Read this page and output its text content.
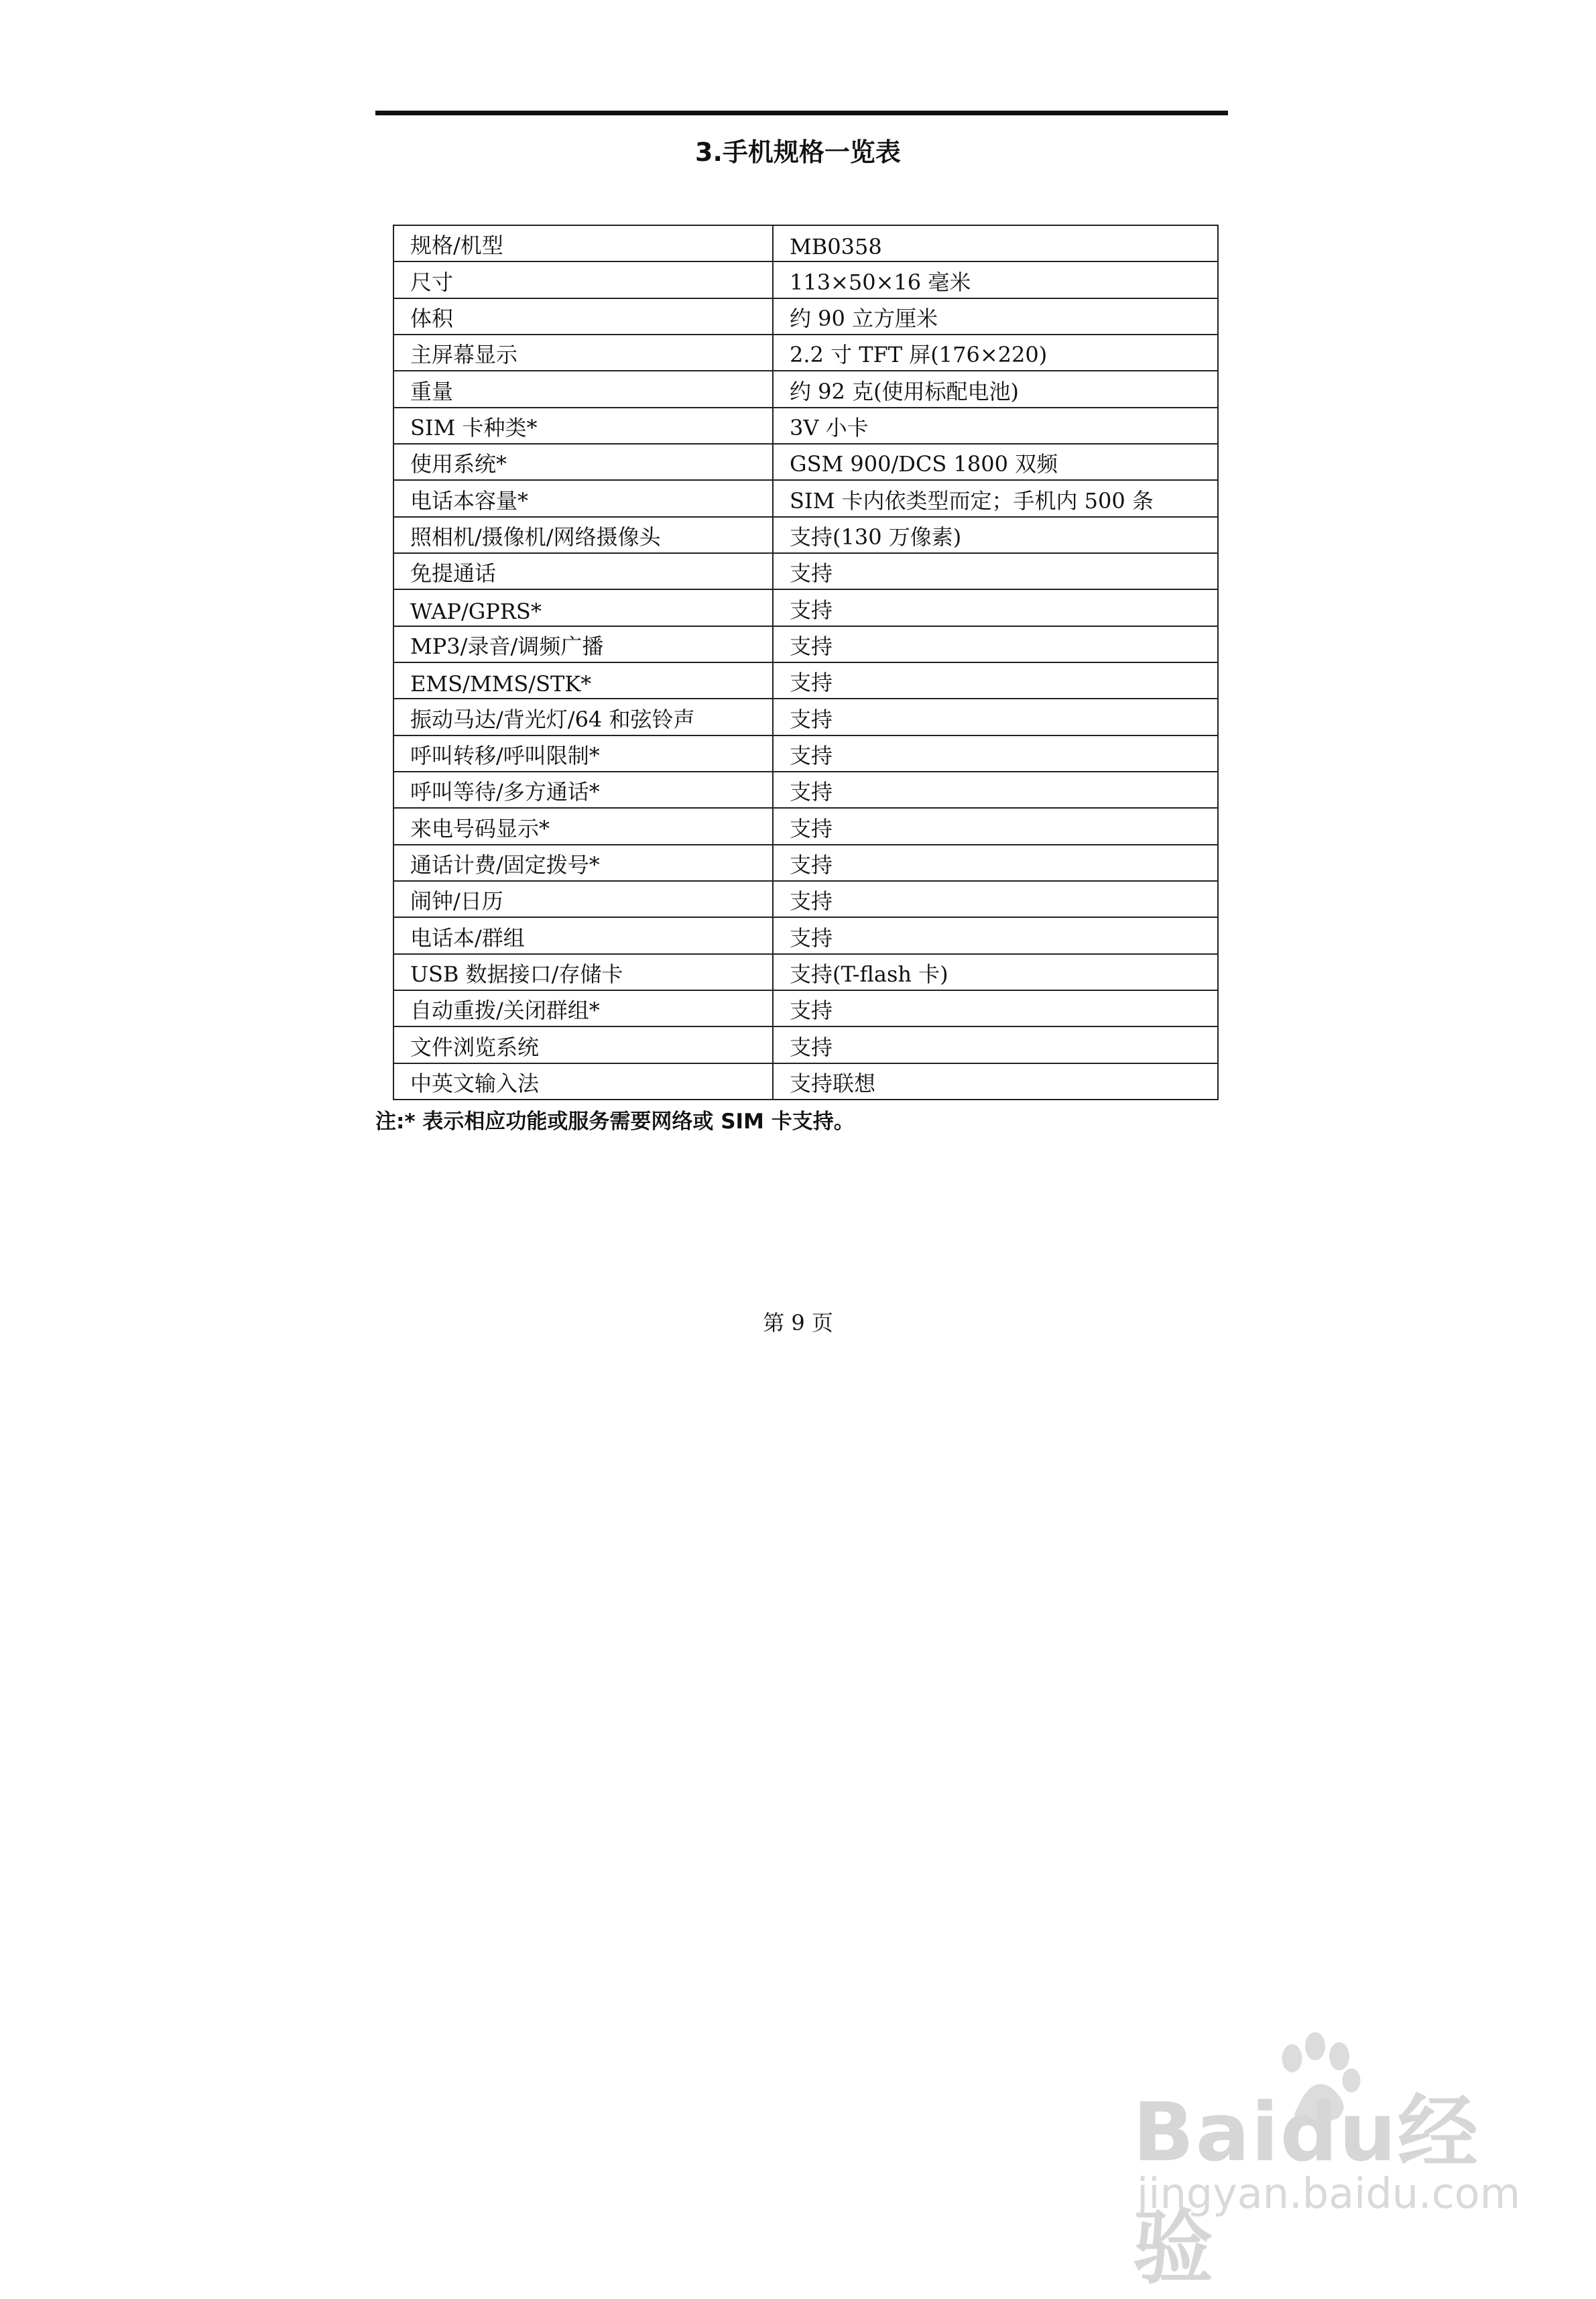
3.手机规格一览表
规格/机型	MB0358
尺寸	113×50×16 毫米
体积	约 90 立方厘米
主屏幕显示	2.2 寸 TFT 屏(176×220)
重量	约 92 克(使用标配电池)
SIM 卡种类*	3V 小卡
使用系统*	GSM 900/DCS 1800 双频
电话本容量*	SIM 卡内依类型而定；手机内 500 条
照相机/摄像机/网络摄像头	支持(130 万像素)
免提通话	支持
WAP/GPRS*	支持
MP3/录音/调频广播	支持
EMS/MMS/STK*	支持
振动马达/背光灯/64 和弦铃声	支持
呼叫转移/呼叫限制*	支持
呼叫等待/多方通话*	支持
来电号码显示*	支持
通话计费/固定拨号*	支持
闹钟/日历	支持
电话本/群组	支持
USB 数据接口/存储卡	支持(T-flash 卡)
自动重拨/关闭群组*	支持
文件浏览系统	支持
中英文输入法	支持联想
注:* 表示相应功能或服务需要网络或 SIM 卡支持。
第 9 页
Baidu经验
jingyan.baidu.com
